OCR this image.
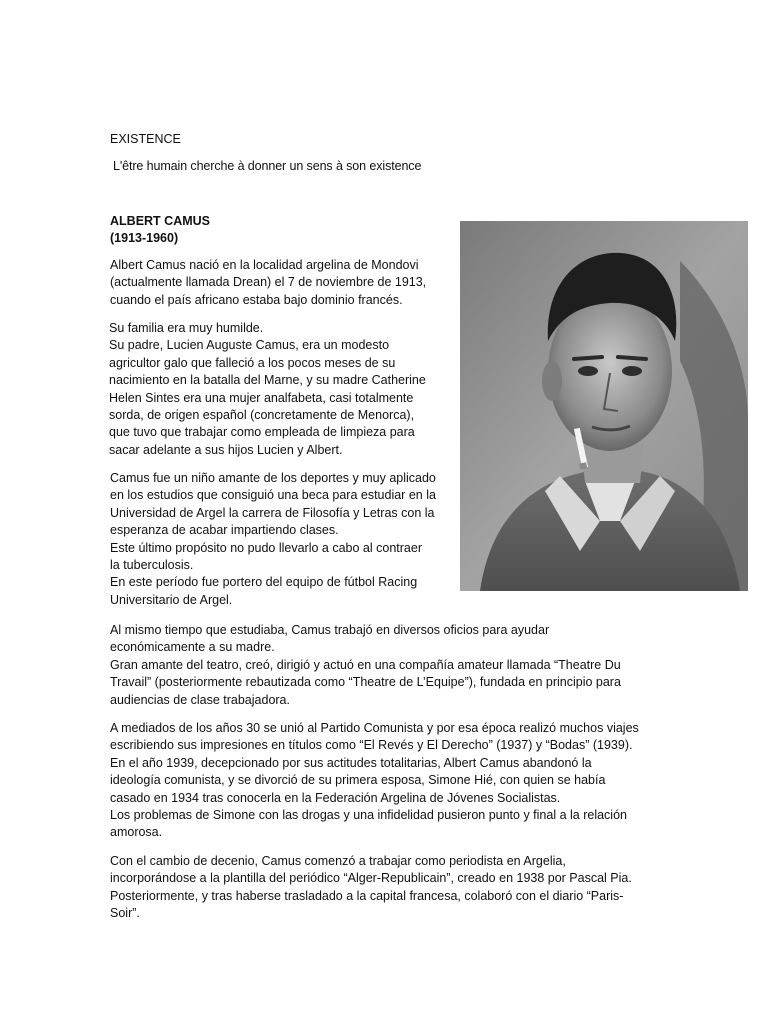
EXISTENCE
L'être humain cherche à donner un sens à son existence
ALBERT CAMUS
(1913-1960)
Albert Camus nació en la localidad argelina de Mondovi
(actualmente llamada Drean) el 7 de noviembre de 1913,
cuando el país africano estaba bajo dominio francés.
Su familia era muy humilde.
Su padre, Lucien Auguste Camus, era un modesto
agricultor galo que falleció a los pocos meses de su
nacimiento en la batalla del Marne, y su madre Catherine
Helen Sintes era una mujer analfabeta, casi totalmente
sorda, de origen español (concretamente de Menorca),
que tuvo que trabajar como empleada de limpieza para
sacar adelante a sus hijos Lucien y Albert.
Camus fue un niño amante de los deportes y muy aplicado
en los estudios que consiguió una beca para estudiar en la
Universidad de Argel la carrera de Filosofía y Letras con la
esperanza de acabar impartiendo clases.
Este último propósito no pudo llevarlo a cabo al contraer
la tuberculosis.
En este período fue portero del equipo de fútbol Racing
Universitario de Argel.
Al mismo tiempo que estudiaba, Camus trabajó en diversos oficios para ayudar
económicamente a su madre.
Gran amante del teatro, creó, dirigió y actuó en una compañía amateur llamada “Theatre Du
Travail” (posteriormente rebautizada como “Theatre de L’Equipe”), fundada en principio para
audiencias de clase trabajadora.
A mediados de los años 30 se unió al Partido Comunista y por esa época realizó muchos viajes
escribiendo sus impresiones en títulos como “El Revés y El Derecho” (1937) y “Bodas” (1939).
En el año 1939, decepcionado por sus actitudes totalitarias, Albert Camus abandonó la
ideología comunista, y se divorció de su primera esposa, Simone Hié, con quien se había
casado en 1934 tras conocerla en la Federación Argelina de Jóvenes Socialistas.
Los problemas de Simone con las drogas y una infidelidad pusieron punto y final a la relación
amorosa.
Con el cambio de decenio, Camus comenzó a trabajar como periodista en Argelia,
incorporándose a la plantilla del periódico “Alger-Republicain”, creado en 1938 por Pascal Pia.
Posteriormente, y tras haberse trasladado a la capital francesa, colaboró con el diario “Paris-
Soir”.
